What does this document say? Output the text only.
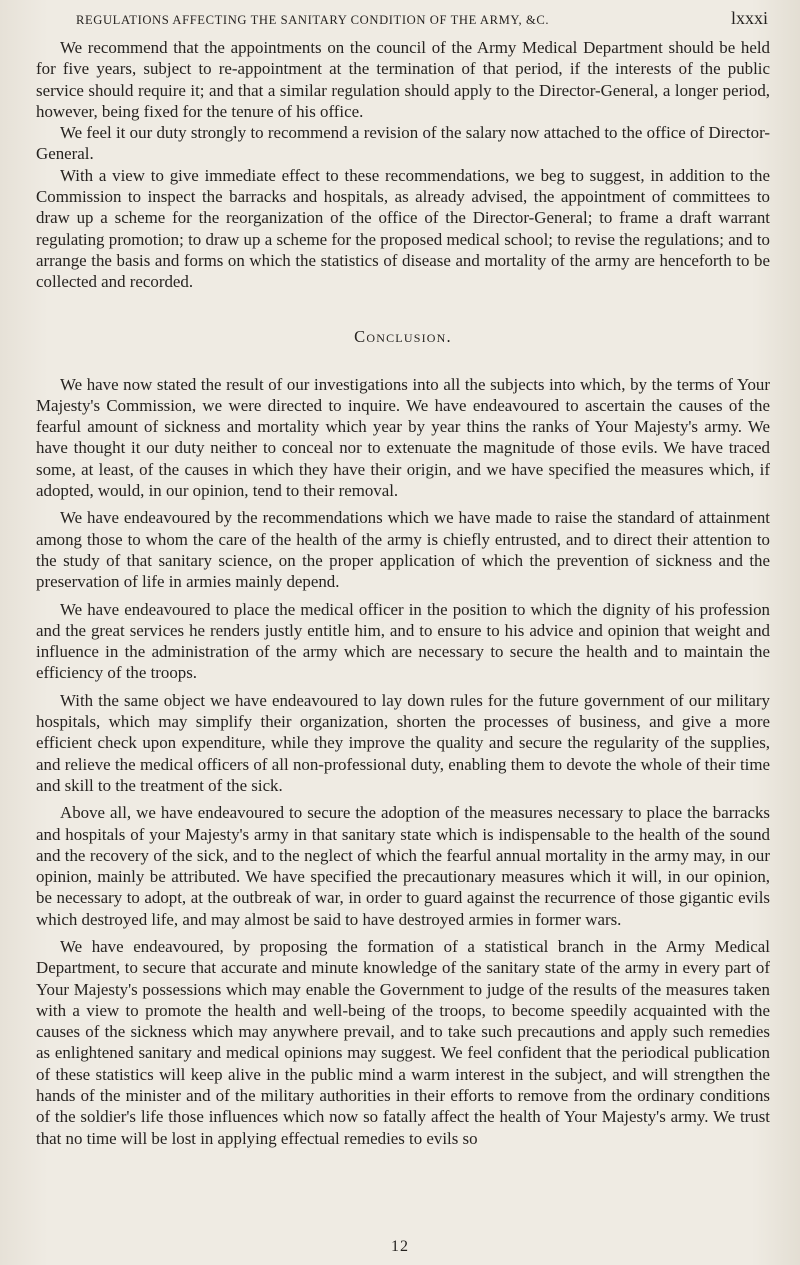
REGULATIONS AFFECTING THE SANITARY CONDITION OF THE ARMY, &C.	lxxxi

We recommend that the appointments on the council of the Army Medical Department should be held for five years, subject to re-appointment at the termination of that period, if the interests of the public service should require it; and that a similar regulation should apply to the Director-General, a longer period, however, being fixed for the tenure of his office.

We feel it our duty strongly to recommend a revision of the salary now attached to the office of Director-General.

With a view to give immediate effect to these recommendations, we beg to suggest, in addition to the Commission to inspect the barracks and hospitals, as already advised, the appointment of committees to draw up a scheme for the reorganization of the office of the Director-General; to frame a draft warrant regulating promotion; to draw up a scheme for the proposed medical school; to revise the regulations; and to arrange the basis and forms on which the statistics of disease and mortality of the army are henceforth to be collected and recorded.

Conclusion.

We have now stated the result of our investigations into all the subjects into which, by the terms of Your Majesty's Commission, we were directed to inquire. We have endeavoured to ascertain the causes of the fearful amount of sickness and mortality which year by year thins the ranks of Your Majesty's army. We have thought it our duty neither to conceal nor to extenuate the magnitude of those evils. We have traced some, at least, of the causes in which they have their origin, and we have specified the measures which, if adopted, would, in our opinion, tend to their removal.

We have endeavoured by the recommendations which we have made to raise the standard of attainment among those to whom the care of the health of the army is chiefly entrusted, and to direct their attention to the study of that sanitary science, on the proper application of which the prevention of sickness and the preservation of life in armies mainly depend.

We have endeavoured to place the medical officer in the position to which the dignity of his profession and the great services he renders justly entitle him, and to ensure to his advice and opinion that weight and influence in the administration of the army which are necessary to secure the health and to maintain the efficiency of the troops.

With the same object we have endeavoured to lay down rules for the future government of our military hospitals, which may simplify their organization, shorten the processes of business, and give a more efficient check upon expenditure, while they improve the quality and secure the regularity of the supplies, and relieve the medical officers of all non-professional duty, enabling them to devote the whole of their time and skill to the treatment of the sick.

Above all, we have endeavoured to secure the adoption of the measures necessary to place the barracks and hospitals of your Majesty's army in that sanitary state which is indispensable to the health of the sound and the recovery of the sick, and to the neglect of which the fearful annual mortality in the army may, in our opinion, mainly be attributed. We have specified the precautionary measures which it will, in our opinion, be necessary to adopt, at the outbreak of war, in order to guard against the recurrence of those gigantic evils which destroyed life, and may almost be said to have destroyed armies in former wars.

We have endeavoured, by proposing the formation of a statistical branch in the Army Medical Department, to secure that accurate and minute knowledge of the sanitary state of the army in every part of Your Majesty's possessions which may enable the Government to judge of the results of the measures taken with a view to promote the health and well-being of the troops, to become speedily acquainted with the causes of the sickness which may anywhere prevail, and to take such precautions and apply such remedies as enlightened sanitary and medical opinions may suggest. We feel confident that the periodical publication of these statistics will keep alive in the public mind a warm interest in the subject, and will strengthen the hands of the minister and of the military authorities in their efforts to remove from the ordinary conditions of the soldier's life those influences which now so fatally affect the health of Your Majesty's army. We trust that no time will be lost in applying effectual remedies to evils so

12
